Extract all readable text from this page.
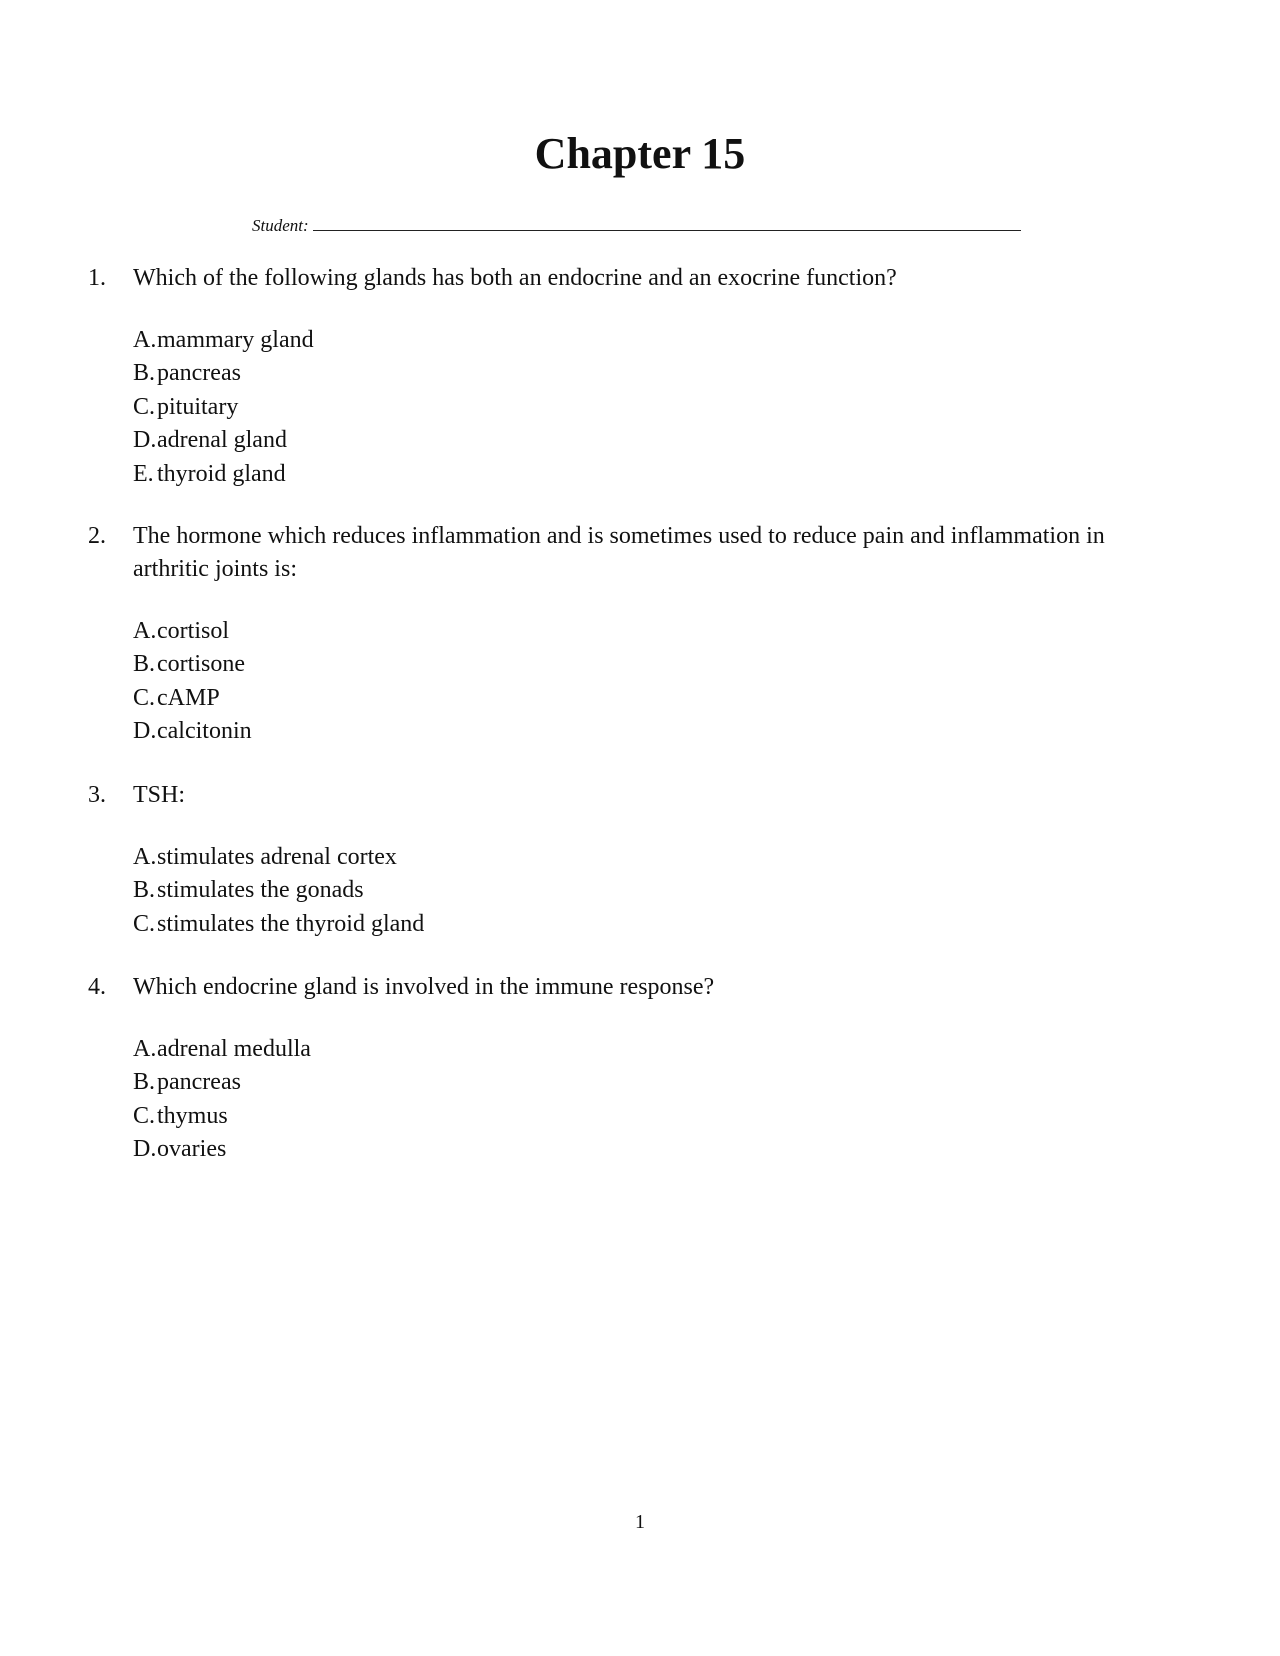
Chapter 15
Student:
1.	Which of the following glands has both an endocrine and an exocrine function?
A.mammary gland
B.pancreas
C.pituitary
D.adrenal gland
E. thyroid gland
2.	The hormone which reduces inflammation and is sometimes used to reduce pain and inflammation in arthritic joints is:
A.cortisol
B.cortisone
C.cAMP
D.calcitonin
3.	TSH:
A.stimulates adrenal cortex
B.stimulates the gonads
C.stimulates the thyroid gland
4.	Which endocrine gland is involved in the immune response?
A.adrenal medulla
B.pancreas
C.thymus
D.ovaries
1
